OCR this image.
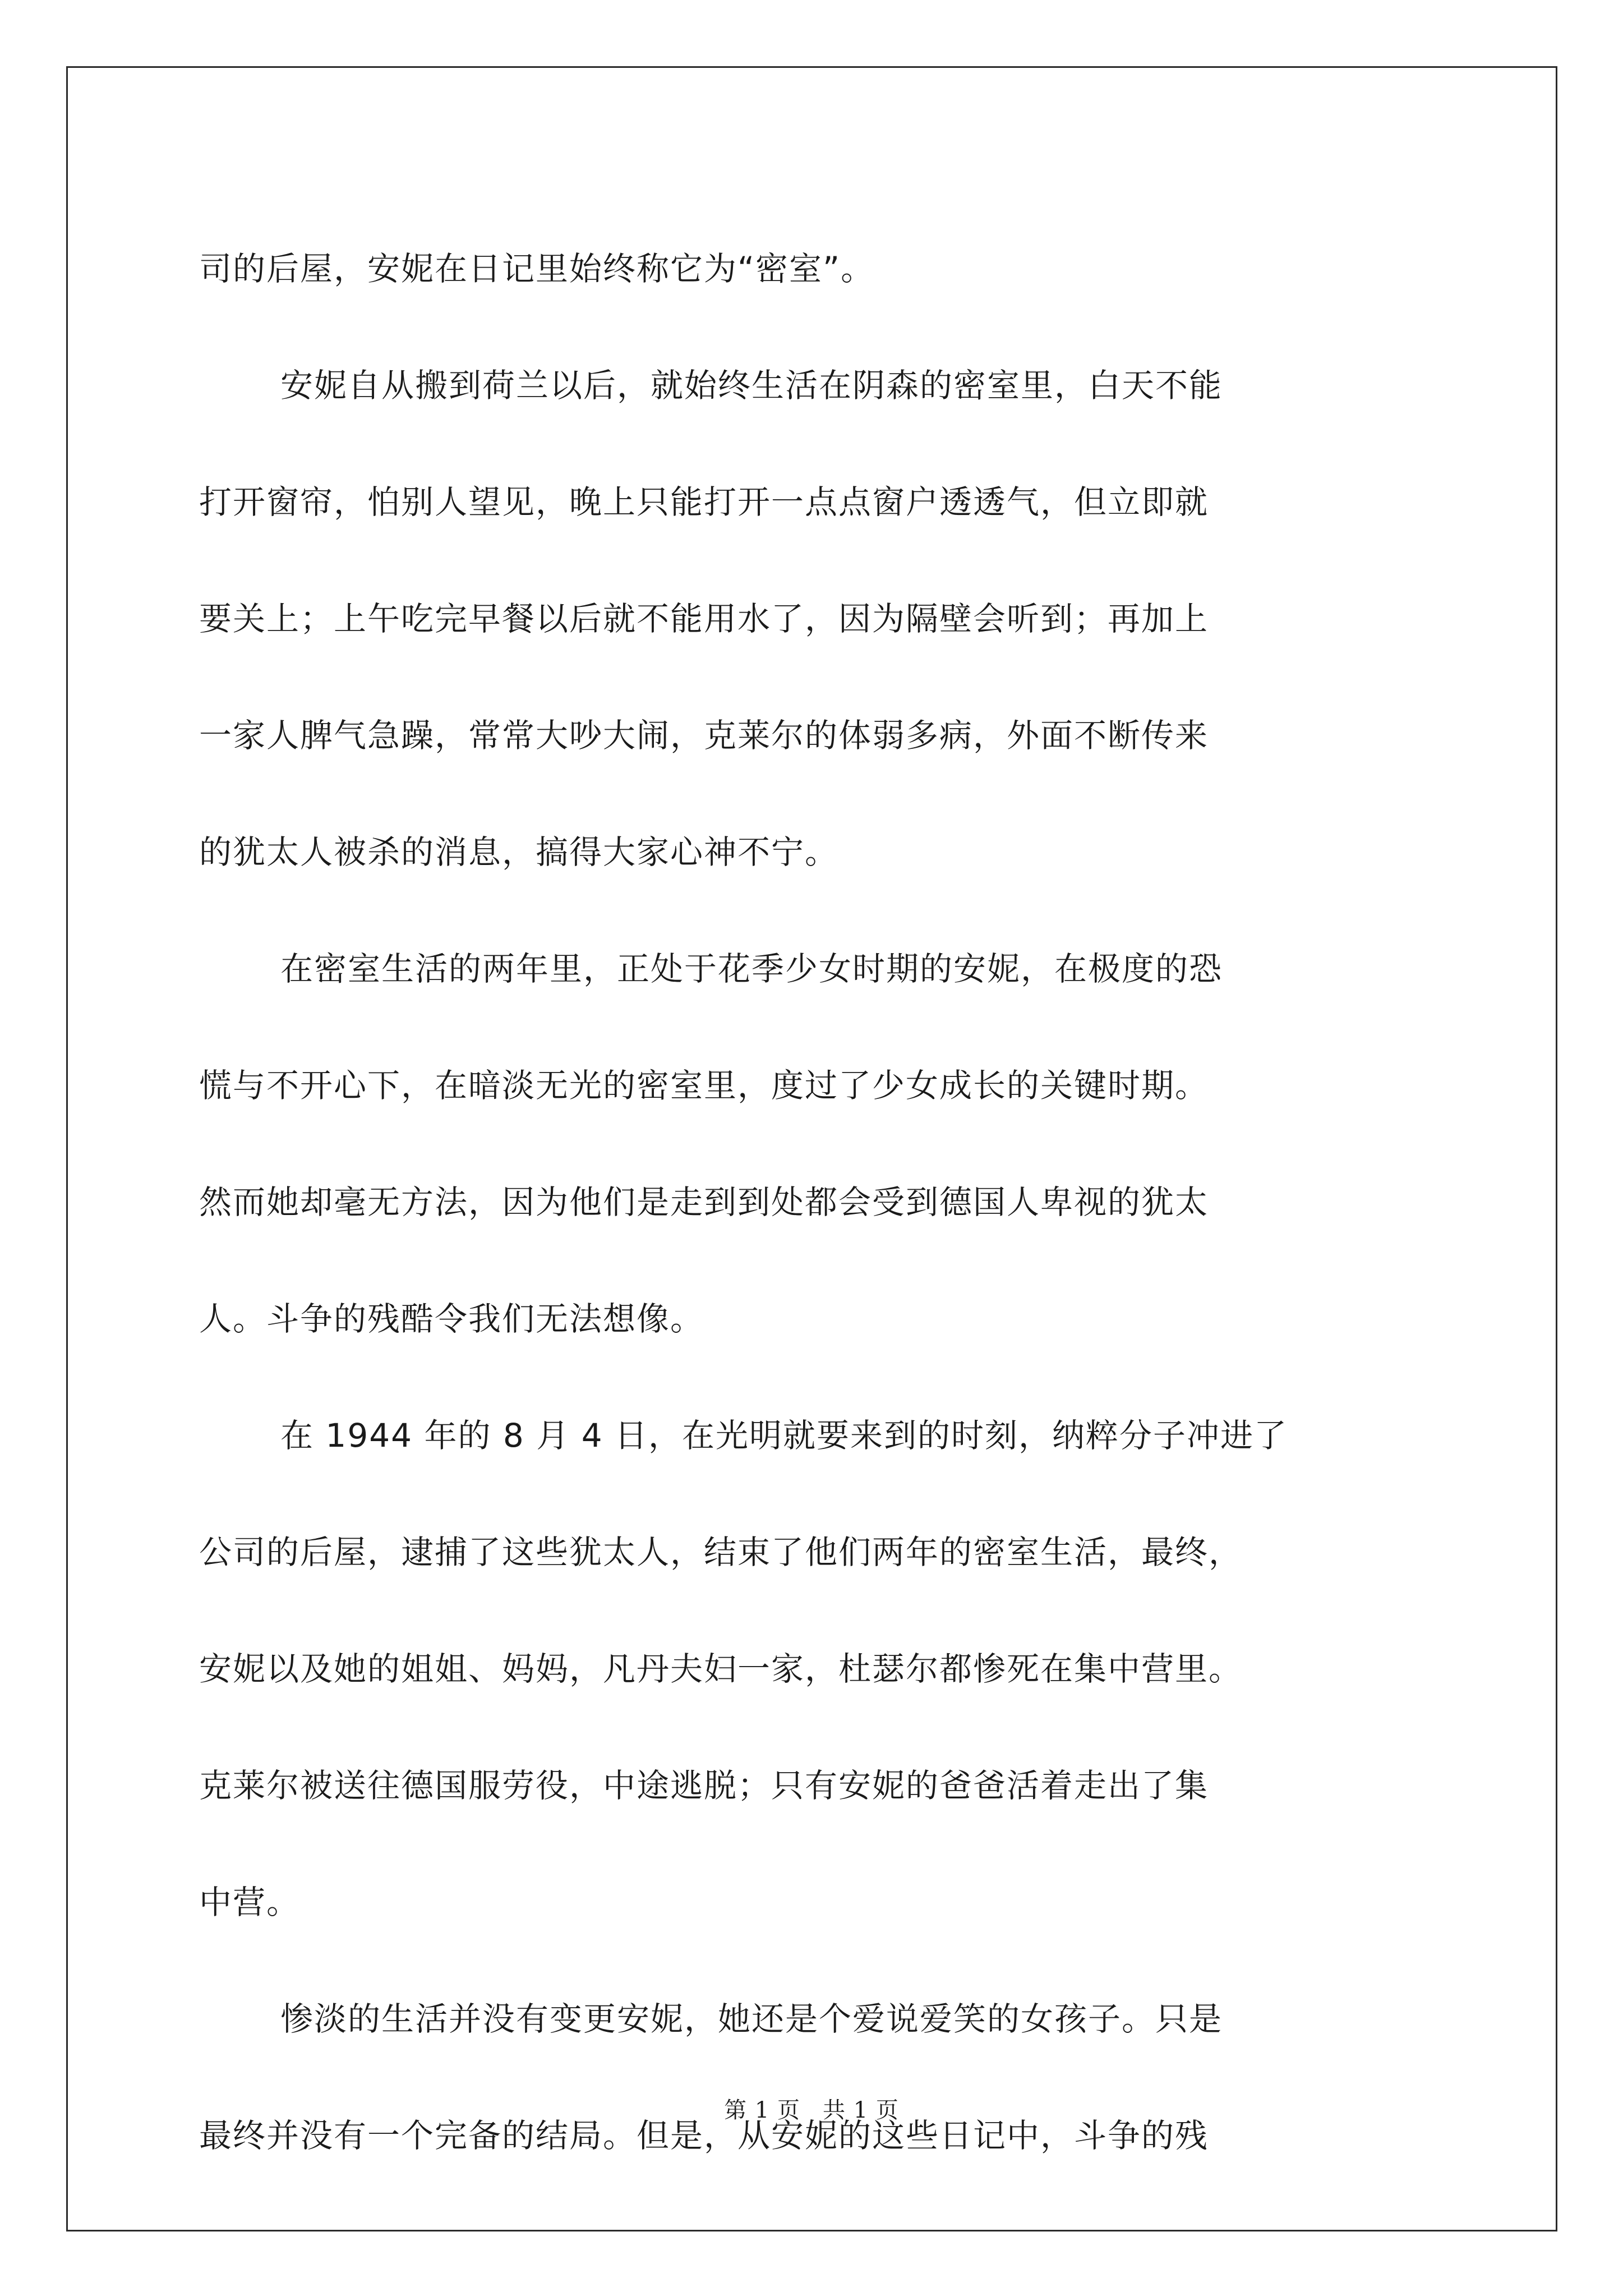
司的后屋，安妮在日记里始终称它为“密室”。
安妮自从搬到荷兰以后，就始终生活在阴森的密室里，白天不能
打开窗帘，怕别人望见，晚上只能打开一点点窗户透透气，但立即就
要关上；上午吃完早餐以后就不能用水了，因为隔壁会听到；再加上
一家人脾气急躁，常常大吵大闹，克莱尔的体弱多病，外面不断传来
的犹太人被杀的消息，搞得大家心神不宁。
在密室生活的两年里，正处于花季少女时期的安妮，在极度的恐
慌与不开心下，在暗淡无光的密室里，度过了少女成长的关键时期。
然而她却毫无方法，因为他们是走到到处都会受到德国人卑视的犹太
人。斗争的残酷令我们无法想像。
在 1944 年的 8 月 4 日，在光明就要来到的时刻，纳粹分子冲进了
公司的后屋，逮捕了这些犹太人，结束了他们两年的密室生活，最终，
安妮以及她的姐姐、妈妈，凡丹夫妇一家，杜瑟尔都惨死在集中营里。
克莱尔被送往德国服劳役，中途逃脱；只有安妮的爸爸活着走出了集
中营。
惨淡的生活并没有变更安妮，她还是个爱说爱笑的女孩子。只是
最终并没有一个完备的结局。但是，从安妮的这些日记中，斗争的残
第 1 页 共 1 页
